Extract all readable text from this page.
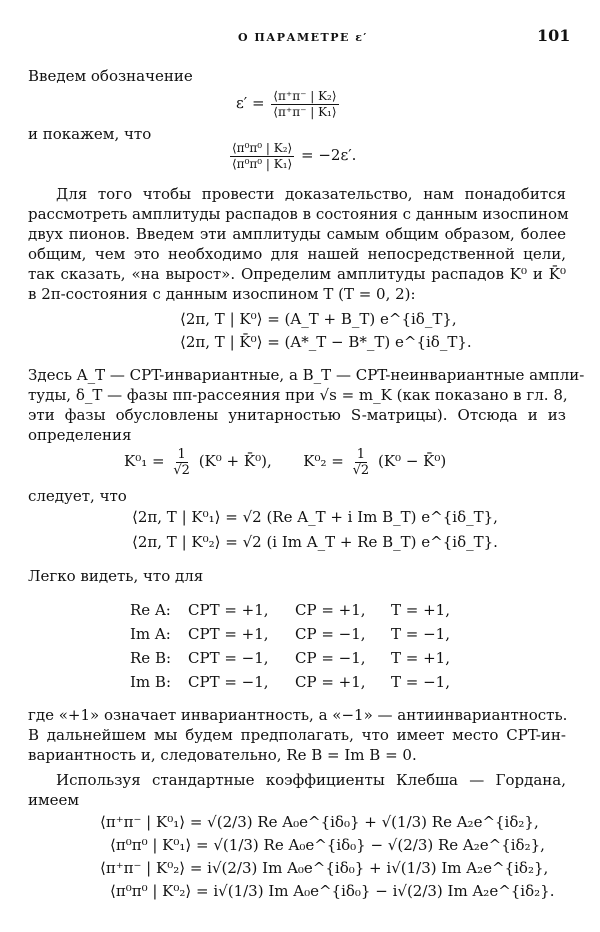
О ПАРАМЕТРЕ ε′	101
Введем обозначение
$\varepsilon' = \frac{\text{⟨π⁺π⁻ | K₂⟩}}{\text{⟨π⁺π⁻ | K₁⟩}}$
и покажем, что
$\frac{\text{⟨π⁰π⁰ | K₂⟩}}{\text{⟨π⁰π⁰ | K₁⟩}} = -2\varepsilon'$.
Для того чтобы провести доказательство, нам понадобится
рассмотреть амплитуды распадов в состояния с данным изоспином
двух пионов. Введем эти амплитуды самым общим образом, более
общим, чем это необходимо для нашей непосредственной цели,
так сказать, «на вырост». Определим амплитуды распадов K⁰ и K̄⁰
в 2π-состояния с данным изоспином T (T = 0, 2):
⟨2π, T | K⁰⟩ = (A_T + B_T) e^{iδ_T},
⟨2π, T | K̄⁰⟩ = (A*_T − B*_T) e^{iδ_T}.
Здесь A_T — CPT-инвариантные, а B_T — CPT-неинвариантные ампли-
туды, δ_T — фазы ππ-рассеяния при √s = m_K (как показано в гл. 8,
эти фазы обусловлены унитарностью S-матрицы). Отсюда и из
определения
$K^0_1 = \frac{1}{√2} (K^0$ + K̄⁰), $K^0_2 = \frac{1}{√2} (K^0$ − K̄⁰)
следует, что
⟨2π, T | K⁰₁⟩ = √2 (Re A_T + i Im B_T) e^{iδ_T},
⟨2π, T | K⁰₂⟩ = √2 (i Im A_T + Re B_T) e^{iδ_T}.
Легко видеть, что для
Re A:	CPT = +1,	CP = +1,	T = +1,
Im A:	CPT = +1,	CP = −1,	T = −1,
Re B:	CPT = −1,	CP = −1,	T = +1,
Im B:	CPT = −1,	CP = +1,	T = −1,
где «+1» означает инвариантность, а «−1» — антиинвариантность.
В дальнейшем мы будем предполагать, что имеет место CPT-ин-
вариантность и, следовательно, Re B = Im B = 0.
Используя стандартные коэффициенты Клебша — Гордана,
имеем
⟨π⁺π⁻ | K⁰₁⟩ = √(2/3) Re A₀e^{iδ₀} + √(1/3) Re A₂e^{iδ₂},
⟨π⁰π⁰ | K⁰₁⟩ = √(1/3) Re A₀e^{iδ₀} − √(2/3) Re A₂e^{iδ₂},
⟨π⁺π⁻ | K⁰₂⟩ = i√(2/3) Im A₀e^{iδ₀} + i√(1/3) Im A₂e^{iδ₂},
⟨π⁰π⁰ | K⁰₂⟩ = i√(1/3) Im A₀e^{iδ₀} − i√(2/3) Im A₂e^{iδ₂}.
